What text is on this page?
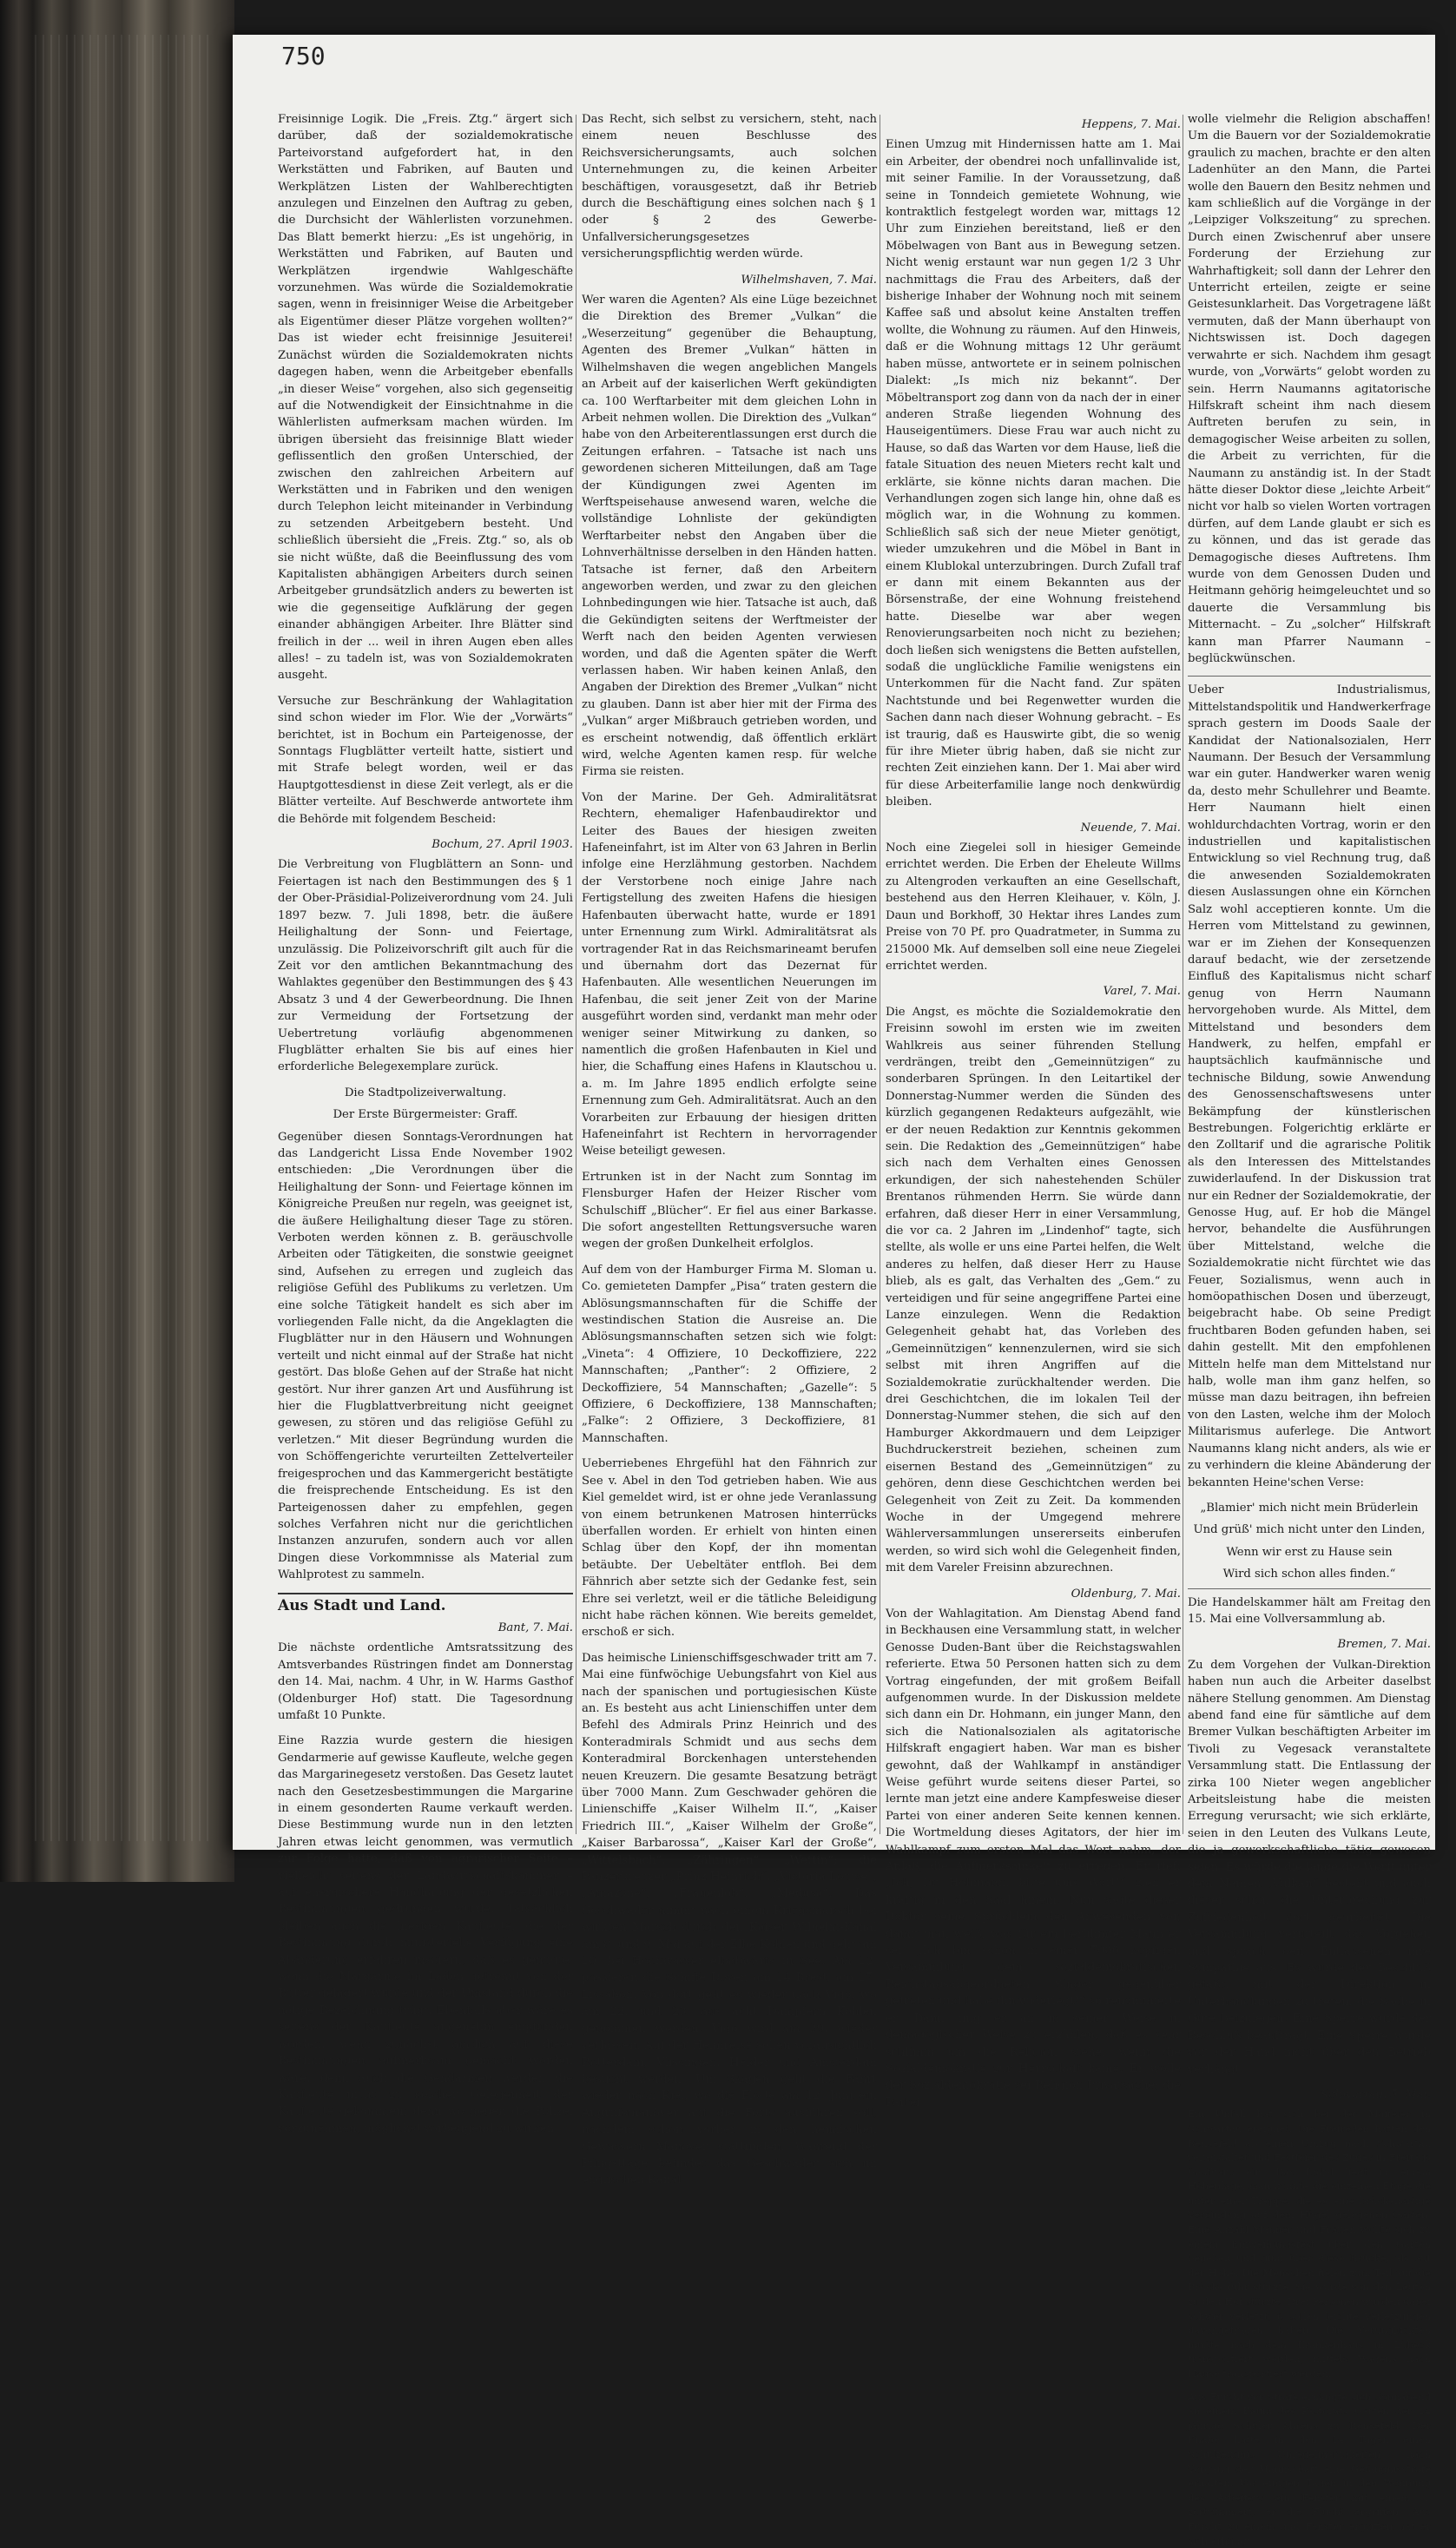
750

Freisinnige Logik. Die „Freis. Ztg.“ ärgert sich darüber, daß der sozialdemokratische Parteivorstand aufgefordert hat, in den Werkstätten und Fabriken, auf Bauten und Werkplätzen Listen der Wahlberechtigten anzulegen und Einzelnen den Auftrag zu geben, die Durchsicht der Wählerlisten vorzunehmen. Das Blatt bemerkt hierzu: „Es ist ungehörig, in Werkstätten und Fabriken, auf Bauten und Werkplätzen irgendwie Wahlgeschäfte vorzunehmen. Was würde die Sozialdemokratie sagen, wenn in freisinniger Weise die Arbeitgeber als Eigentümer dieser Plätze vorgehen wollten?“ Das ist wieder echt freisinnige Jesuiterei! Zunächst würden die Sozialdemokraten nichts dagegen haben, wenn die Arbeitgeber ebenfalls „in dieser Weise“ vorgehen, also sich gegenseitig auf die Notwendigkeit der Einsichtnahme in die Wählerlisten aufmerksam machen würden. Im übrigen übersieht das freisinnige Blatt wieder geflissentlich den großen Unterschied, der zwischen den zahlreichen Arbeitern auf Werkstätten und in Fabriken und den wenigen durch Telephon leicht miteinander in Verbindung zu setzenden Arbeitgebern besteht. Und schließlich übersieht die „Freis. Ztg.“ so, als ob sie nicht wüßte, daß die Beeinflussung des vom Kapitalisten abhängigen Arbeiters durch seinen Arbeitgeber grundsätzlich anders zu bewerten ist wie die gegenseitige Aufklärung der gegen einander abhängigen Arbeiter. Ihre Blätter sind freilich in der ... weil in ihren Augen eben alles alles! – zu tadeln ist, was von Sozialdemokraten ausgeht.

Versuche zur Beschränkung der Wahlagitation sind schon wieder im Flor. Wie der „Vorwärts“ berichtet, ist in Bochum ein Parteigenosse, der Sonntags Flugblätter verteilt hatte, sistiert und mit Strafe belegt worden, weil er das Hauptgottesdienst in diese Zeit verlegt, als er die Blätter verteilte. Auf Beschwerde antwortete ihm die Behörde mit folgendem Bescheid:

Bochum, 27. April 1903.

Die Verbreitung von Flugblättern an Sonn- und Feiertagen ist nach den Bestimmungen des § 1 der Ober-Präsidial-Polizeiverordnung vom 24. Juli 1897 bezw. 7. Juli 1898, betr. die äußere Heilighaltung der Sonn- und Feiertage, unzulässig. Die Polizeivorschrift gilt auch für die Zeit vor den amtlichen Bekanntmachung des Wahlaktes gegenüber den Bestimmungen des § 43 Absatz 3 und 4 der Gewerbeordnung. Die Ihnen zur Vermeidung der Fortsetzung der Uebertretung vorläufig abgenommenen Flugblätter erhalten Sie bis auf eines hier erforderliche Belegexemplare zurück.

Die Stadtpolizeiverwaltung.
Der Erste Bürgermeister: Graff.

Gegenüber diesen Sonntags-Verordnungen hat das Landgericht Lissa Ende November 1902 entschieden: „Die Verordnungen über die Heilighaltung der Sonn- und Feiertage können im Königreiche Preußen nur regeln, was geeignet ist, die äußere Heilighaltung dieser Tage zu stören. Verboten werden können z. B. geräuschvolle Arbeiten oder Tätigkeiten, die sonstwie geeignet sind, Aufsehen zu erregen und zugleich das religiöse Gefühl des Publikums zu verletzen. Um eine solche Tätigkeit handelt es sich aber im vorliegenden Falle nicht, da die Angeklagten die Flugblätter nur in den Häusern und Wohnungen verteilt und nicht einmal auf der Straße hat nicht gestört. Das bloße Gehen auf der Straße hat nicht gestört. Nur ihrer ganzen Art und Ausführung ist hier die Flugblattverbreitung nicht geeignet gewesen, zu stören und das religiöse Gefühl zu verletzen.“ Mit dieser Begründung wurden die von Schöffengerichte verurteilten Zettelverteiler freigesprochen und das Kammergericht bestätigte die freisprechende Entscheidung. Es ist den Parteigenossen daher zu empfehlen, gegen solches Verfahren nicht nur die gerichtlichen Instanzen anzurufen, sondern auch vor allen Dingen diese Vorkommnisse als Material zum Wahlprotest zu sammeln.

Aus Stadt und Land.
Bant, 7. Mai.

Die nächste ordentliche Amtsratssitzung des Amtsverbandes Rüstringen findet am Donnerstag den 14. Mai, nachm. 4 Uhr, in W. Harms Gasthof (Oldenburger Hof) statt. Die Tagesordnung umfaßt 10 Punkte.

Eine Razzia wurde gestern die hiesigen Gendarmerie auf gewisse Kaufleute, welche gegen das Margarinegesetz verstoßen. Das Gesetz lautet nach den Gesetzesbestimmungen die Margarine in einem gesonderten Raume verkauft werden. Diese Bestimmung wurde nun in den letzten Jahren etwas leicht genommen, was vermutlich zur Folge hatte, daß von agrarischer Seite – vielleicht seitens der Landwirtschaftskammer – auf energischere Handhabung der gesetzlichen Bestimmungen gedrungen wurde. Tatsächlich bleiben auch die hiesigen Kaufleute, die der Bestimmung durch ministerielle Verfügung eine Abänderung erfahren insofern, daß es genügte, wenn die Margarine im Laden getrennt von der Butter gelagert wurde und der Umstand durch die nötige Bezeichnung trügt. Ebenfalls aber wäre es seitens der Kaufleute angenehm empfunden worden, wenn zunächst amtlich auf diese Bestimmungen aufmerksam gemacht worden wäre, denn auch die Gendarmen werden die Kaufleute nicht zu solcher Gelegenheit der Kaufleute gekommen; denn wo gegen die Polizei vorzunehmen, möglichst vorbeugend zu wirken.

Das Recht, sich selbst zu versichern, steht, nach einem neuen Beschlusse des Reichsversicherungsamts, auch solchen Unternehmungen zu, die keinen Arbeiter beschäftigen, vorausgesetzt, daß ihr Betrieb durch die Beschäftigung eines solchen nach § 1 oder § 2 des Gewerbe-Unfallversicherungsgesetzes versicherungspflichtig werden würde.

Wilhelmshaven, 7. Mai.

Wer waren die Agenten? Als eine Lüge bezeichnet die Direktion des Bremer „Vulkan“ die „Weserzeitung“ gegenüber die Behauptung, Agenten des Bremer „Vulkan“ hätten in Wilhelmshaven die wegen angeblichen Mangels an Arbeit auf der kaiserlichen Werft gekündigten ca. 100 Werftarbeiter mit dem gleichen Lohn in Arbeit nehmen wollen. Die Direktion des „Vulkan“ habe von den Arbeiterentlassungen erst durch die Zeitungen erfahren. – Tatsache ist nach uns gewordenen sicheren Mitteilungen, daß am Tage der Kündigungen zwei Agenten im Werftspeisehause anwesend waren, welche die vollständige Lohnliste der gekündigten Werftarbeiter nebst den Angaben über die Lohnverhältnisse derselben in den Händen hatten. Tatsache ist ferner, daß den Arbeitern angeworben werden, und zwar zu den gleichen Lohnbedingungen wie hier. Tatsache ist auch, daß die Gekündigten seitens der Werftmeister der Werft nach den beiden Agenten verwiesen worden, und daß die Agenten später die Werft verlassen haben. Wir haben keinen Anlaß, den Angaben der Direktion des Bremer „Vulkan“ nicht zu glauben. Dann ist aber hier mit der Firma des „Vulkan“ arger Mißbrauch getrieben worden, und es erscheint notwendig, daß öffentlich erklärt wird, welche Agenten kamen resp. für welche Firma sie reisten.

Von der Marine. Der Geh. Admiralitätsrat Rechtern, ehemaliger Hafenbaudirektor und Leiter des Baues der hiesigen zweiten Hafeneinfahrt, ist im Alter von 63 Jahren in Berlin infolge eine Herzlähmung gestorben. Nachdem der Verstorbene noch einige Jahre nach Fertigstellung des zweiten Hafens die hiesigen Hafenbauten überwacht hatte, wurde er 1891 unter Ernennung zum Wirkl. Admiralitätsrat als vortragender Rat in das Reichsmarineamt berufen und übernahm dort das Dezernat für Hafenbauten. Alle wesentlichen Neuerungen im Hafenbau, die seit jener Zeit von der Marine ausgeführt worden sind, verdankt man mehr oder weniger seiner Mitwirkung zu danken, so namentlich die großen Hafenbauten in Kiel und hier, die Schaffung eines Hafens in Klautschou u. a. m. Im Jahre 1895 endlich erfolgte seine Ernennung zum Geh. Admiralitätsrat. Auch an den Vorarbeiten zur Erbauung der hiesigen dritten Hafeneinfahrt ist Rechtern in hervorragender Weise beteiligt gewesen.

Ertrunken ist in der Nacht zum Sonntag im Flensburger Hafen der Heizer Rischer vom Schulschiff „Blücher“. Er fiel aus einer Barkasse. Die sofort angestellten Rettungsversuche waren wegen der großen Dunkelheit erfolglos.

Auf dem von der Hamburger Firma M. Sloman u. Co. gemieteten Dampfer „Pisa“ traten gestern die Ablösungsmannschaften für die Schiffe der westindischen Station die Ausreise an. Die Ablösungsmannschaften setzen sich wie folgt: „Vineta“: 4 Offiziere, 10 Deckoffiziere, 222 Mannschaften; „Panther“: 2 Offiziere, 2 Deckoffiziere, 54 Mannschaften; „Gazelle“: 5 Offiziere, 6 Deckoffiziere, 138 Mannschaften; „Falke“: 2 Offiziere, 3 Deckoffiziere, 81 Mannschaften.

Ueberriebenes Ehrgefühl hat den Fähnrich zur See v. Abel in den Tod getrieben haben. Wie aus Kiel gemeldet wird, ist er ohne jede Veranlassung von einem betrunkenen Matrosen hinterrücks überfallen worden. Er erhielt von hinten einen Schlag über den Kopf, der ihn momentan betäubte. Der Uebeltäter entfloh. Bei dem Fähnrich aber setzte sich der Gedanke fest, sein Ehre sei verletzt, weil er die tätliche Beleidigung nicht habe rächen können. Wie bereits gemeldet, erschoß er sich.

Das heimische Linienschiffsgeschwader tritt am 7. Mai eine fünfwöchige Uebungsfahrt von Kiel aus nach der spanischen und portugiesischen Küste an. Es besteht aus acht Linienschiffen unter dem Befehl des Admirals Prinz Heinrich und des Konteradmirals Schmidt und aus sechs dem Konteradmiral Borckenhagen unterstehenden neuen Kreuzern. Die gesamte Besatzung beträgt über 7000 Mann. Zum Geschwader gehören die Linienschiffe „Kaiser Wilhelm II.“, „Kaiser Friedrich III.“, „Kaiser Wilhelm der Große“, „Kaiser Barbarossa“, „Kaiser Karl der Große“, „Wittelsbach“, „Zähringen“, „Wettin“; die Panzerkreuzer „Prinz Heinrich“, „Victoria Louise“, „Amazone“, „Frauenlob“, „Medusa“. Das Geschwader nimmt nach einem Kriegsmarsch bei wirkten Marsch durch den Kaiser Wilhelm-Kanal am 8. und 9. Mai auf der Elbe Kohlen und geht am 10. bei Hochwasser elbabwärts in See. Am 12. passieren die Schiffe Dover, am 14 Brest, am 17. Lissabon. Von dort geht es wieder nach Vigo, wo am 22. und 23. aus acht Dampfern Kohlen genommen werden. Vigo wird am 29. wieder verlassen. Auf der Heimreise sollen vorausichtlich Rotterdam, Vlissingen, Helder und Amsterdam besucht werden. Um Skagen geht die Fahrt wieder nach Kiel, wo die Flotte am 12. Juni ein Angriffsmanöver auf die Forts ausführen soll, nachdem schon vorher in den heimischen Gewässern Manöver stattfinden. Während der Pfingsttage befindet das Geschwader sich im englischen Kanal.

Heppens, 7. Mai.

Einen Umzug mit Hindernissen hatte am 1. Mai ein Arbeiter, der obendrei noch unfallinvalide ist, mit seiner Familie. In der Voraussetzung, daß seine in Tonndeich gemietete Wohnung, wie kontraktlich festgelegt worden war, mittags 12 Uhr zum Einziehen bereitstand, ließ er den Möbelwagen von Bant aus in Bewegung setzen. Nicht wenig erstaunt war nun gegen 1/2 3 Uhr nachmittags die Frau des Arbeiters, daß der bisherige Inhaber der Wohnung noch mit seinem Kaffee saß und absolut keine Anstalten treffen wollte, die Wohnung zu räumen. Auf den Hinweis, daß er die Wohnung mittags 12 Uhr geräumt haben müsse, antwortete er in seinem polnischen Dialekt: „Is mich niz bekannt“. Der Möbeltransport zog dann von da nach der in einer anderen Straße liegenden Wohnung des Hauseigentümers. Diese Frau war auch nicht zu Hause, so daß das Warten vor dem Hause, ließ die fatale Situation des neuen Mieters recht kalt und erklärte, sie könne nichts daran machen. Die Verhandlungen zogen sich lange hin, ohne daß es möglich war, in die Wohnung zu kommen. Schließlich saß sich der neue Mieter genötigt, wieder umzukehren und die Möbel in Bant in einem Klublokal unterzubringen. Durch Zufall traf er dann mit einem Bekannten aus der Börsenstraße, der eine Wohnung freistehend hatte. Dieselbe war aber wegen Renovierungsarbeiten noch nicht zu beziehen; doch ließen sich wenigstens die Betten aufstellen, sodaß die unglückliche Familie wenigstens ein Unterkommen für die Nacht fand. Zur späten Nachtstunde und bei Regenwetter wurden die Sachen dann nach dieser Wohnung gebracht. – Es ist traurig, daß es Hauswirte gibt, die so wenig für ihre Mieter übrig haben, daß sie nicht zur rechten Zeit einziehen kann. Der 1. Mai aber wird für diese Arbeiterfamilie lange noch denkwürdig bleiben.

Neuende, 7. Mai.

Noch eine Ziegelei soll in hiesiger Gemeinde errichtet werden. Die Erben der Eheleute Willms zu Altengroden verkauften an eine Gesellschaft, bestehend aus den Herren Kleihauer, v. Köln, J. Daun und Borkhoff, 30 Hektar ihres Landes zum Preise von 70 Pf. pro Quadratmeter, in Summa zu 215000 Mk. Auf demselben soll eine neue Ziegelei errichtet werden.

Varel, 7. Mai.

Die Angst, es möchte die Sozialdemokratie den Freisinn sowohl im ersten wie im zweiten Wahlkreis aus seiner führenden Stellung verdrängen, treibt den „Gemeinnützigen“ zu sonderbaren Sprüngen. In den Leitartikel der Donnerstag-Nummer werden die Sünden des kürzlich gegangenen Redakteurs aufgezählt, wie er der neuen Redaktion zur Kenntnis gekommen sein. Die Redaktion des „Gemeinnützigen“ habe sich nach dem Verhalten eines Genossen erkundigen, der sich nahestehenden Schüler Brentanos rühmenden Herrn. Sie würde dann erfahren, daß dieser Herr in einer Versammlung, die vor ca. 2 Jahren im „Lindenhof“ tagte, sich stellte, als wolle er uns eine Partei helfen, die Welt anderes zu helfen, daß dieser Herr zu Hause blieb, als es galt, das Verhalten des „Gem.“ zu verteidigen und für seine angegriffene Partei eine Lanze einzulegen. Wenn die Redaktion Gelegenheit gehabt hat, das Vorleben des „Gemeinnützigen“ kennenzulernen, wird sie sich selbst mit ihren Angriffen auf die Sozialdemokratie zurückhaltender werden. Die drei Geschichtchen, die im lokalen Teil der Donnerstag-Nummer stehen, die sich auf den Hamburger Akkordmauern und dem Leipziger Buchdruckerstreit beziehen, scheinen zum eisernen Bestand des „Gemeinnützigen“ zu gehören, denn diese Geschichtchen werden bei Gelegenheit von Zeit zu Zeit. Da kommenden Woche in der Umgegend mehrere Wählerversammlungen unsererseits einberufen werden, so wird sich wohl die Gelegenheit finden, mit dem Vareler Freisinn abzurechnen.

Oldenburg, 7. Mai.

Von der Wahlagitation. Am Dienstag Abend fand in Beckhausen eine Versammlung statt, in welcher Genosse Duden-Bant über die Reichstagswahlen referierte. Etwa 50 Personen hatten sich zu dem Vortrag eingefunden, der mit großem Beifall aufgenommen wurde. In der Diskussion meldete sich dann ein Dr. Hohmann, ein junger Mann, den sich die Nationalsozialen als agitatorische Hilfskraft engagiert haben. War man es bisher gewohnt, daß der Wahlkampf in anständiger Weise geführt wurde seitens dieser Partei, so lernte man jetzt eine andere Kampfesweise dieser Partei von einer anderen Seite kennen kennen. Die Wortmeldung dieses Agitators, der hier im Wahlkampf zum ersten Mal das Wort nahm, der Anlaß, die Aufmerksamkeit zu erregen. Er rief: „Ich, Dr. Hohmann, bitte ums Wort!“ zieh er kräftig in den Saal hinein. Nun sagte dieser Doktor seine Sprüchlein den Anwesenden vor, damit man weiß, was für ein berühmter Mann er sei. „Ich bin schon in einer 7000 köpfigen Versammlung dem sozialdemokratischen Reichstagsabgeordneten Singer gegenüber getreten und habe ihn widerlegt!“ so renommierte er. Dann fing er an in seiner Weise in demagogischer Weise zu erzählen, daß es sehr schlimm um die Religion stehe, wenn die Sozialdemokratie zur Herrschaft käme. Er wolle der Sozialdemokratie sei Religion Privatsache; die Partei

wolle vielmehr die Religion abschaffen! Um die Bauern vor der Sozialdemokratie graulich zu machen, brachte er den alten Ladenhüter an den Mann, die Partei wolle den Bauern den Besitz nehmen und kam schließlich auf die Vorgänge in der „Leipziger Volkszeitung“ zu sprechen. Durch einen Zwischenruf aber unsere Forderung der Erziehung zur Wahrhaftigkeit; soll dann der Lehrer den Unterricht erteilen, zeigte er seine Geistesunklarheit. Das Vorgetragene läßt vermuten, daß der Mann überhaupt von Nichtswissen ist. Doch dagegen verwahrte er sich. Nachdem ihm gesagt wurde, von „Vorwärts“ gelobt worden zu sein. Herrn Naumanns agitatorische Hilfskraft scheint ihm nach diesem Auftreten berufen zu sein, in demagogischer Weise arbeiten zu sollen, die Arbeit zu verrichten, für die Naumann zu anständig ist. In der Stadt hätte dieser Doktor diese „leichte Arbeit“ nicht vor halb so vielen Worten vortragen dürfen, auf dem Lande glaubt er sich es zu können, und das ist gerade das Demagogische dieses Auftretens. Ihm wurde von dem Genossen Duden und Heitmann gehörig heimgeleuchtet und so dauerte die Versammlung bis Mitternacht. – Zu „solcher“ Hilfskraft kann man Pfarrer Naumann – beglückwünschen.

Ueber Industrialismus, Mittelstandspolitik und Handwerkerfrage sprach gestern im Doods Saale der Kandidat der Nationalsozialen, Herr Naumann. Der Besuch der Versammlung war ein guter. Handwerker waren wenig da, desto mehr Schullehrer und Beamte. Herr Naumann hielt einen wohldurchdachten Vortrag, worin er den industriellen und kapitalistischen Entwicklung so viel Rechnung trug, daß die anwesenden Sozialdemokraten diesen Auslassungen ohne ein Körnchen Salz wohl acceptieren konnte. Um die Herren vom Mittelstand zu gewinnen, war er im Ziehen der Konsequenzen darauf bedacht, wie der zersetzende Einfluß des Kapitalismus nicht scharf genug von Herrn Naumann hervorgehoben wurde. Als Mittel, dem Mittelstand und besonders dem Handwerk, zu helfen, empfahl er hauptsächlich kaufmännische und technische Bildung, sowie Anwendung des Genossenschaftswesens unter Bekämpfung der künstlerischen Bestrebungen. Folgerichtig erklärte er den Zolltarif und die agrarische Politik als den Interessen des Mittelstandes zuwiderlaufend. In der Diskussion trat nur ein Redner der Sozialdemokratie, der Genosse Hug, auf. Er hob die Mängel hervor, behandelte die Ausführungen über Mittelstand, welche die Sozialdemokratie nicht fürchtet wie das Feuer, Sozialismus, wenn auch in homöopathischen Dosen und überzeugt, beigebracht habe. Ob seine Predigt fruchtbaren Boden gefunden haben, sei dahin gestellt. Mit den empfohlenen Mitteln helfe man dem Mittelstand nur halb, wolle man ihm ganz helfen, so müsse man dazu beitragen, ihn befreien von den Lasten, welche ihm der Moloch Militarismus auferlege. Die Antwort Naumanns klang nicht anders, als wie er zu verhindern die kleine Abänderung der bekannten Heine'schen Verse:

„Blamier' mich nicht mein Brüderlein
Und grüß' mich nicht unter den Linden,
Wenn wir erst zu Hause sein
Wird sich schon alles finden.“

Die Handelskammer hält am Freitag den 15. Mai eine Vollversammlung ab.

Bremen, 7. Mai.

Zu dem Vorgehen der Vulkan-Direktion haben nun auch die Arbeiter daselbst nähere Stellung genommen. Am Dienstag abend fand eine für sämtliche auf dem Bremer Vulkan beschäftigten Arbeiter im Tivoli zu Vegesack veranstaltete Versammlung statt. Die Entlassung der zirka 100 Nieter wegen angeblicher Arbeitsleistung habe die meisten Erregung verursacht; wie sich erklärte, seien in den Leuten des Vulkans Leute, die ja gewerkschaftliche tätig gewesen seien. Es würde die lange die Werft unter dem Namen „Vulkan“ besteht und auch dieser schon die Unterbrechung zur Zufriedenheit dort gearbeitet. Die Versammlung verurteilt das Vorgehen und sprach den Entlassenen ihre Sympathie aus. Es wurde der Beschluß gefaßt, mit der Direktion in Unterhandlungen zu treten, die Sache in Güte beizulegen. Eine Sperre wurde der Beschluß beauftragt. Eine Sperre wurde vor der Hand nicht über den Betrieb verhängt.

Schwartau, 5. Mai.

Ein Unfall hat sich bei der Maifeier in Schwartau ereignet. Die Freireden hatten den Rensefeld ab einen Umzug nach Schwartau veranstaltet und Festfeier des Zuges in Freitags Gasthaus ein. Das Lokal liegt in einem Höhenlage, man konnte die einzelnen Etage die unter einer Treppe, die es eine brückenartige Verbindung auf dem Hügel gelegenen Garten. Eine Anzahl Männer und Frauen wollte sich zu einem Einweihungsfest über den Garten begeben und ging über diese Brücke, als auf der Höhe. Die Menschen fielen zum Teil auf die Brücke fuhr stürzte. Sie wurde von den Leuten zu den Hof stürzte. Drei Personen wurden dabei schwer verletzt, 6 sollen leichte Verletzungen davongetragen haben. Die Verunglückten mußte nach dem Krankenhaus in Lübeck transportiert werden, mittels Wagens nach Hause transportiert werden.

Aus Furcht vor Strafe erhängte sich Sonnabend an einem Baum des Pastorats Garten der 14 jährige Schüler Ahrens zu Rensefeld. Der Knabe hatte in den 14 Tagen einen Schulzeugnis Unregelmäßigkeiten, nach Vorgang der Mannschaft eine Gefängnisstrafe erhalten. Vor einigen Tagen in den Wohnung des Arbeiters ein Fenster mit einem ... zertrümmert, er die Flucht ergriffen. Aus Furcht zu einem und Fenster ergriffen hat er sich erhängt.
